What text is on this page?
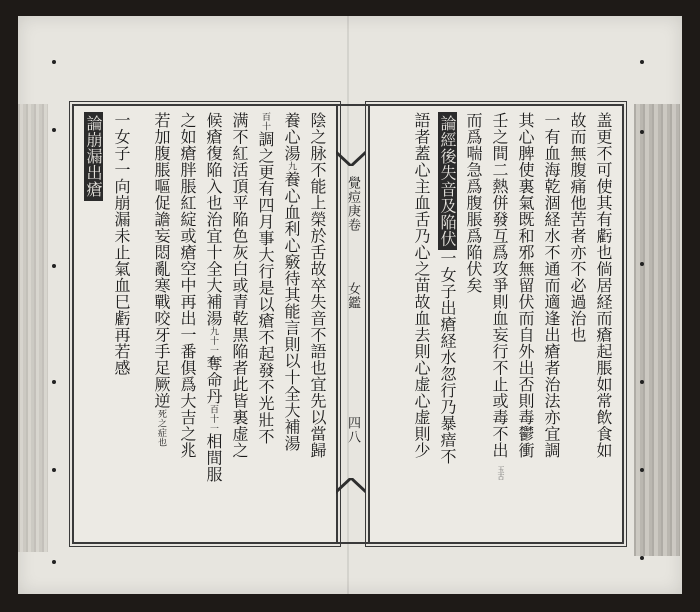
陰之脉不能上榮於舌故卒失音不語也宜先以當歸
養心湯九養心血利心竅待其能言則以十全大補湯
百十調之更有四月事大行是以瘡不起發不光壯不
满不紅活頂平陥色灰白或青乾黒陥者此皆裏虚之
候瘡復陥入也治宜十全大補湯九十一奪命丹百十一相間服
之如瘡胖脹紅綻或瘡空中再出一番俱爲大吉之兆
若加腹脹嘔促譫妄悶亂寒戰咬牙手足厥逆死之症也
一女子一向崩漏未止氣血巳虧再若感
論崩漏出瘡
覺痘庚卷
女鑑
四八	盖更不可使其有虧也倘居経而瘡起脹如常飲食如
故而無腹痛他苦者亦不必過治也
一有血海乾涸経水不通而適逢出瘡者治法亦宜調
其心脾使裏氣既和邪無留伏而自外出否則毒鬱衝
壬之間二熱併發互爲攻爭則血妄行不止或毒不出
而爲喘急爲腹脹爲陥伏矣
論經後失音及陥伏一女子出瘡経水忽行乃暴瘖不
語者蓋心主血舌乃心之苗故血去則心虚心虚則少
玉古
